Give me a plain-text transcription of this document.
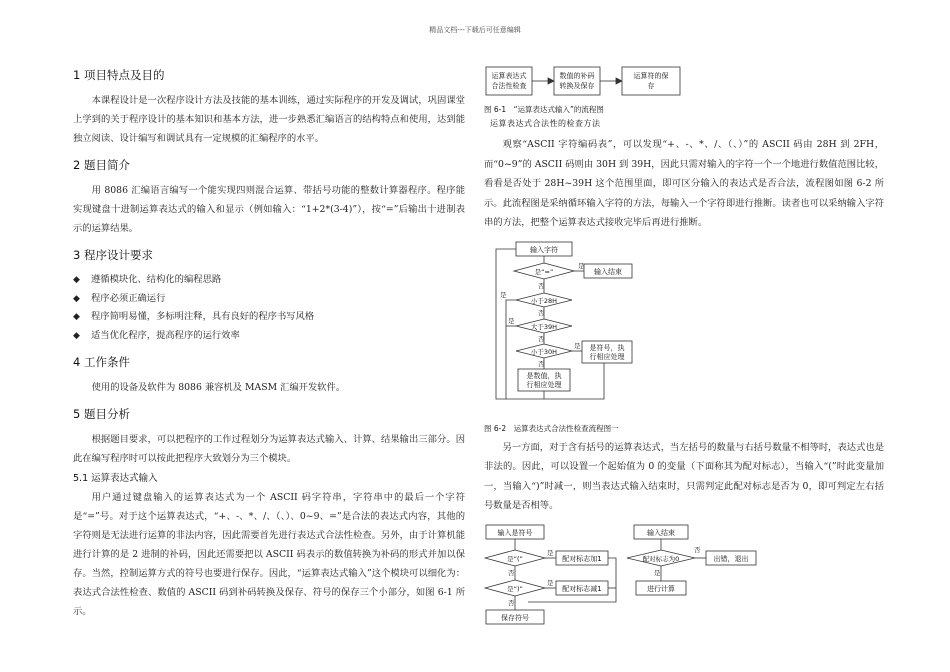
精品文档---下载后可任意编辑
1 项目特点及目的

本课程设计是一次程序设计方法及技能的基本训练，通过实际程序的开发及调试，巩固课堂上学到的关于程序设计的基本知识和基本方法，进一步熟悉汇编语言的结构特点和使用，达到能独立阅读、设计编写和调试具有一定规模的汇编程序的水平。

2 题目简介

用 8086 汇编语言编写一个能实现四则混合运算、带括号功能的整数计算器程序。程序能实现键盘十进制运算表达式的输入和显示（例如输入：“1+2*(3-4)”），按“=”后输出十进制表示的运算结果。

3 程序设计要求
◆ 遵循模块化、结构化的编程思路
◆ 程序必须正确运行
◆ 程序简明易懂，多标明注释，具有良好的程序书写风格
◆ 适当优化程序，提高程序的运行效率
4 工作条件

使用的设备及软件为 8086 兼容机及 MASM 汇编开发软件。

5 题目分析

根据题目要求，可以把程序的工作过程划分为运算表达式输入、计算、结果输出三部分。因此在编写程序时可以按此把程序大致划分为三个模块。

5.1 运算表达式输入

用户通过键盘输入的运算表达式为一个 ASCII 码字符串，字符串中的最后一个字符是“=”号。对于这个运算表达式，“+、-、*、/、（、）、0~9、=”是合法的表达式内容，其他的字符则是无法进行运算的非法内容，因此需要首先进行表达式合法性检查。另外，由于计算机能进行计算的是 2 进制的补码，因此还需要把以 ASCII 码表示的数值转换为补码的形式并加以保存。当然，控制运算方式的符号也要进行保存。因此，“运算表达式输入”这个模块可以细化为：表达式合法性检查、数值的 ASCII 码到补码转换及保存、符号的保存三个小部分，如图 6-1 所示。

运算表达式
合法性检查
数值的补码
转换及保存
运算符的保
存
图 6-1　“运算表达式输入”的流程图
运算表达式合法性的检查方法

观察“ASCII 字符编码表”，可以发现“+、-、*、/、（、）”的 ASCII 码由 28H 到 2FH，而“0~9”的 ASCII 码则由 30H 到 39H，因此只需对输入的字符一个一个地进行数值范围比较，看看是否处于 28H~39H 这个范围里面，即可区分输入的表达式是否合法，流程图如图 6-2 所示。此流程图是采纳循环输入字符的方法，每输入一个字符即进行推断。读者也可以采纳输入字符串的方法，把整个运算表达式接收完毕后再进行推断。

输入字符
是“=”
是
输入结束
否
小于28H
否
大于39H
否
小于30H
是 是符号，执
行相应处理
否
是数值，执
行相应处理
是
是
图 6-2　运算表达式合法性检查流程图一

另一方面，对于含有括号的运算表达式，当左括号的数量与右括号数量不相等时，表达式也是非法的。因此，可以设置一个起始值为 0 的变量（下面称其为配对标志），当输入“(”时此变量加一，当输入“)”时减一，则当表达式输入结束时，只需判定此配对标志是否为 0，即可判定左右括号数量是否相等。

输入是符号
是“(”
是
配对标志加1
否
是“)”
是
配对标志减1
否
保存符号
输入结束
配对标志为0
否
出错，退出
是
进行计算
